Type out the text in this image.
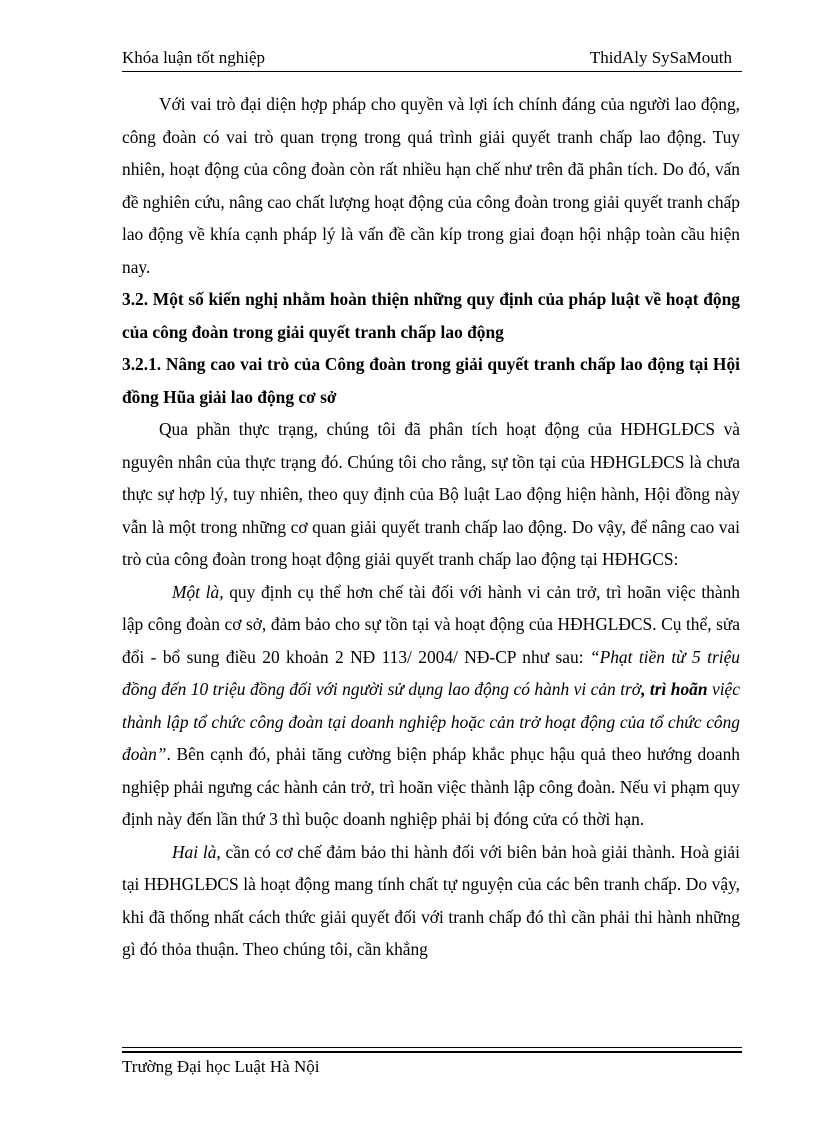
Khóa luận tốt nghiệp	ThidAly SySaMouth

Với vai trò đại diện hợp pháp cho quyền và lợi ích chính đáng của người lao động, công đoàn có vai trò quan trọng trong quá trình giải quyết tranh chấp lao động. Tuy nhiên, hoạt động của công đoàn còn rất nhiều hạn chế như trên đã phân tích. Do đó, vấn đề nghiên cứu, nâng cao chất lượng hoạt động của công đoàn trong giải quyết tranh chấp lao động về khía cạnh pháp lý là vấn đề cần kíp trong giai đoạn hội nhập toàn cầu hiện nay.

3.2. Một số kiến nghị nhằm hoàn thiện những quy định của pháp luật về hoạt động của công đoàn trong giải quyết tranh chấp lao động

3.2.1. Nâng cao vai trò của Công đoàn trong giải quyết tranh chấp lao động tại Hội đồng Hũa giải lao động cơ sở

Qua phần thực trạng, chúng tôi đã phân tích hoạt động của HĐHGLĐCS và nguyên nhân của thực trạng đó. Chúng tôi cho rằng, sự tồn tại của HĐHGLĐCS là chưa thực sự hợp lý, tuy nhiên, theo quy định của Bộ luật Lao động hiện hành, Hội đồng này vẫn là một trong những cơ quan giải quyết tranh chấp lao động. Do vậy, để nâng cao vai trò của công đoàn trong hoạt động giải quyết tranh chấp lao động tại HĐHGCS:

Một là, quy định cụ thể hơn chế tài đối với hành vi cản trở, trì hoãn việc thành lập công đoàn cơ sở, đảm bảo cho sự tồn tại và hoạt động của HĐHGLĐCS. Cụ thể, sửa đổi - bổ sung điều 20 khoản 2 NĐ 113/ 2004/ NĐ-CP như sau: “Phạt tiền từ 5 triệu đồng đến 10 triệu đồng đối với người sử dụng lao động có hành vi cản trở, trì hoãn việc thành lập tổ chức công đoàn tại doanh nghiệp hoặc cản trở hoạt động của tổ chức công đoàn”. Bên cạnh đó, phải tăng cường biện pháp khắc phục hậu quả theo hướng doanh nghiệp phải ngưng các hành cản trở, trì hoãn việc thành lập công đoàn. Nếu vi phạm quy định này đến lần thứ 3 thì buộc doanh nghiệp phải bị đóng cửa có thời hạn.

Hai là, cần có cơ chế đảm bảo thi hành đối với biên bản hoà giải thành. Hoà giải tại HĐHGLĐCS là hoạt động mang tính chất tự nguyện của các bên tranh chấp. Do vậy, khi đã thống nhất cách thức giải quyết đối với tranh chấp đó thì cần phải thi hành những gì đó thỏa thuận. Theo chúng tôi, cần khẳng

Trường Đại học Luật Hà Nội
